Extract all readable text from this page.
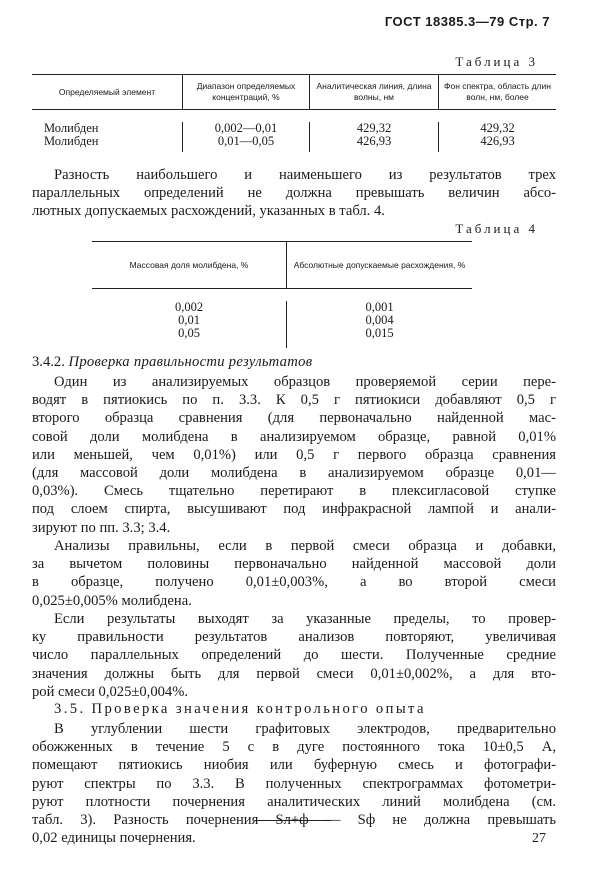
ГОСТ 18385.3—79 Стр. 7
Таблица 3
Определяемый элемент	Диапазон определяемых концентраций, %	Аналитическая линия, длина волны, нм	Фон спектра, область длин волн, нм, более

Молибден	0,002—0,01	429,32	429,32
Молибден	0,01—0,05	426,93	426,93

Разность наибольшего и наименьшего из результатов трех
параллельных определений не должна превышать величин абсо-
лютных допускаемых расхождений, указанных в табл. 4.

Таблица 4
Массовая доля молибдена, %	Абсолютные допускаемые расхождения, %

0,002	0,001
0,01	0,004
0,05	0,015
3.4.2. Проверка правильности результатов

Один из анализируемых образцов проверяемой серии пере-
водят в пятиокись по п. 3.3. К 0,5 г пятиокиси добавляют 0,5 г
второго образца сравнения (для первоначально найденной мас-
совой доли молибдена в анализируемом образце, равной 0,01%
или меньшей, чем 0,01%) или 0,5 г первого образца сравнения
(для массовой доли молибдена в анализируемом образце 0,01—
0,03%). Смесь тщательно перетирают в плексигласовой ступке
под слоем спирта, высушивают под инфракрасной лампой и анали-
зируют по пп. 3.3; 3.4.

Анализы правильны, если в первой смеси образца и добавки,
за вычетом половины первоначально найденной массовой доли
в образце, получено 0,01±0,003%, а во второй смеси
0,025±0,005% молибдена.

Если результаты выходят за указанные пределы, то провер-
ку правильности результатов анализов повторяют, увеличивая
число параллельных определений до шести. Полученные средние
значения должны быть для первой смеси 0,01±0,002%, а для вто-
рой смеси 0,025±0,004%.

3.5. Проверка значения контрольного опыта

В углублении шести графитовых электродов, предварительно
обожженных в течение 5 с в дуге постоянного тока 10±0,5 А,
помещают пятиокись ниобия или буферную смесь и фотографи-
руют спектры по 3.3. В полученных спектрограммах фотометри-
руют плотности почернения аналитических линий молибдена (см.
табл. 3). Разность почернения Sл+ф — Sф не должна превышать
0,02 единицы почернения.	27
